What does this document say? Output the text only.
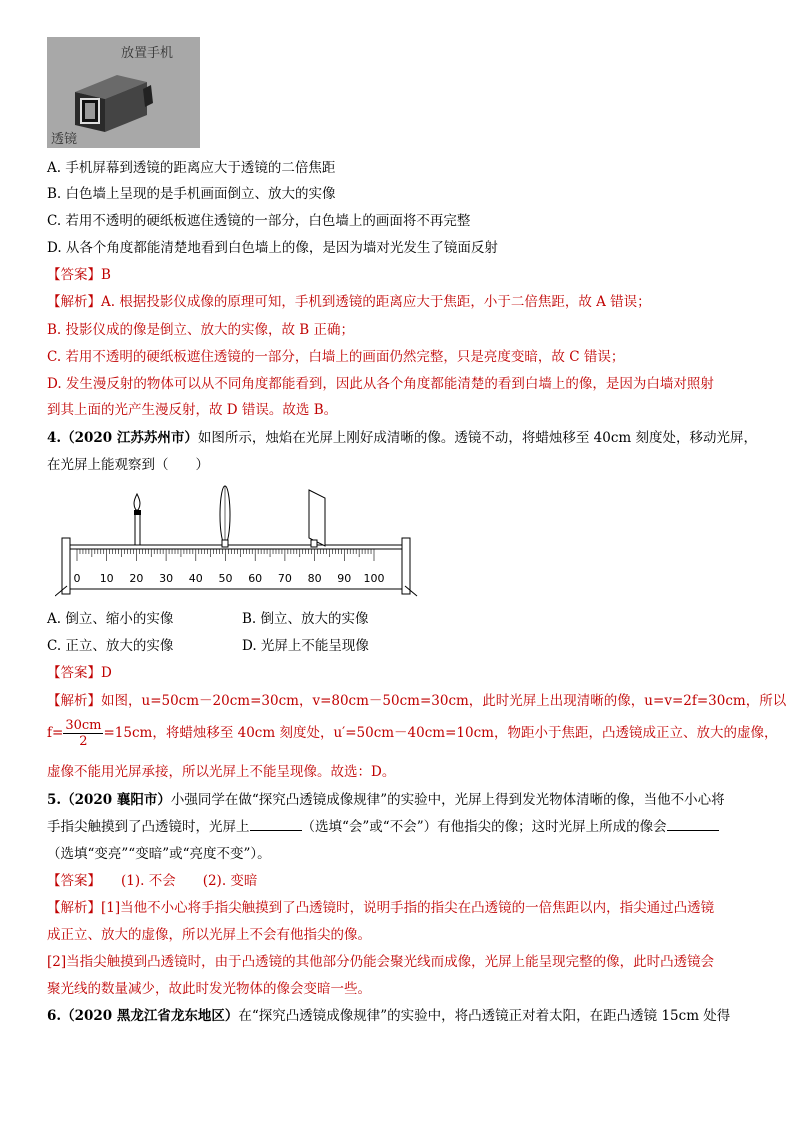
放置手机
透镜
A. 手机屏幕到透镜的距离应大于透镜的二倍焦距
B. 白色墙上呈现的是手机画面倒立、放大的实像
C. 若用不透明的硬纸板遮住透镜的一部分，白色墙上的画面将不再完整
D. 从各个角度都能清楚地看到白色墙上的像，是因为墙对光发生了镜面反射
【答案】B
【解析】A. 根据投影仪成像的原理可知，手机到透镜的距离应大于焦距，小于二倍焦距，故 A 错误；
B. 投影仪成的像是倒立、放大的实像，故 B 正确；
C. 若用不透明的硬纸板遮住透镜的一部分，白墙上的画面仍然完整，只是亮度变暗，故 C 错误；
D. 发生漫反射的物体可以从不同角度都能看到，因此从各个角度都能清楚的看到白墙上的像，是因为白墙对照射
到其上面的光产生漫反射，故 D 错误。故选 B。
4.（2020 江苏苏州市）如图所示，烛焰在光屏上刚好成清晰的像。透镜不动，将蜡烛移至 40cm 刻度处，移动光屏，
在光屏上能观察到（　　）
0 10 20 30 40 50 60 70 80 90 100
A. 倒立、缩小的实像	B. 倒立、放大的实像
C. 正立、放大的实像	D. 光屏上不能呈现像
【答案】D
【解析】如图，u=50cm－20cm=30cm，v=80cm－50cm=30cm，此时光屏上出现清晰的像，u=v=2f=30cm，所以
$f= \frac{30cm}{2} =15cm$，将蜡烛移至 40cm 刻度处，u′=50cm－40cm=10cm，物距小于焦距，凸透镜成正立、放大的虚像，
虚像不能用光屏承接，所以光屏上不能呈现像。故选：D。
5.（2020 襄阳市）小强同学在做“探究凸透镜成像规律”的实验中，光屏上得到发光物体清晰的像，当他不小心将
手指尖触摸到了凸透镜时，光屏上	（选填“会”或“不会”）有他指尖的像；这时光屏上所成的像会
（选填“变亮”“变暗”或“亮度不变”）。
【答案】 (1). 不会　　(2). 变暗
【解析】[1]当他不小心将手指尖触摸到了凸透镜时，说明手指的指尖在凸透镜的一倍焦距以内，指尖通过凸透镜
成正立、放大的虚像，所以光屏上不会有他指尖的像。
[2]当指尖触摸到凸透镜时，由于凸透镜的其他部分仍能会聚光线而成像，光屏上能呈现完整的像，此时凸透镜会
聚光线的数量减少，故此时发光物体的像会变暗一些。
6.（2020 黑龙江省龙东地区）在“探究凸透镜成像规律”的实验中，将凸透镜正对着太阳，在距凸透镜 15cm 处得
